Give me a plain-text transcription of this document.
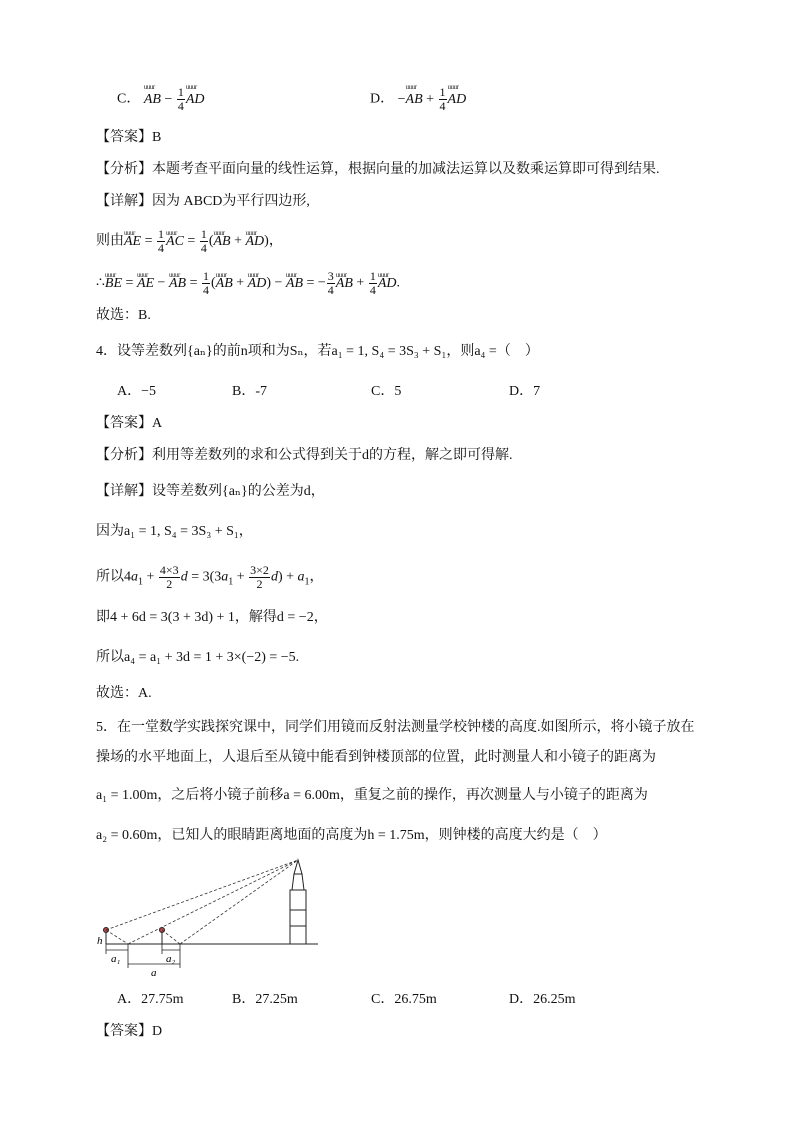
C． uuur AB − $\frac{1}{4}$ uuur AD	D． −uuur AB + $\frac{1}{4}$ uuur AD
【答案】B
【分析】本题考查平面向量的线性运算，根据向量的加减法运算以及数乘运算即可得到结果.
【详解】因为 ABCD为平行四边形,
则由uuur AE = $\frac{1}{4}$ uuur AC = $\frac{1}{4}$ (uuur AB + uuur AD)，
∴uuur BE = uuur AE − uuur AB = $\frac{1}{4}$ (uuur AB + uuur AD) − uuur AB = − $\frac{3}{4}$ uuur AB + $\frac{1}{4}$ uuur AD.
故选：B.
4．设等差数列{aₙ}的前n项和为Sₙ，若a₁ = 1, S₄ = 3S₃ + S₁，则a₄ =（　）
A．−5	B．-7	C．5	D．7
【答案】A
【分析】利用等差数列的求和公式得到关于d的方程，解之即可得解.
【详解】设等差数列{aₙ}的公差为d，
因为a₁ = 1, S₄ = 3S₃ + S₁，
所以$4a_1 + \frac{4\times 3}{2}$ $d = 3(3a_1 + \frac{3\times 2}{2} d) + a_1$，
即4 + 6d = 3(3 + 3d) + 1，解得d = −2，
所以a₄ = a₁ + 3d = 1 + 3×(−2) = −5.
故选：A.
5．在一堂数学实践探究课中，同学们用镜而反射法测量学校钟楼的高度.如图所示，将小镜子放在
操场的水平地面上，人退后至从镜中能看到钟楼顶部的位置，此时测量人和小镜子的距离为
a₁ = 1.00m，之后将小镜子前移a = 6.00m，重复之前的操作，再次测量人与小镜子的距离为
a₂ = 0.60m，已知人的眼睛距离地面的高度为h = 1.75m，则钟楼的高度大约是（　）
h
a₁	a₂
a
A．27.75m	B．27.25m	C．26.75m	D．26.25m
【答案】D
